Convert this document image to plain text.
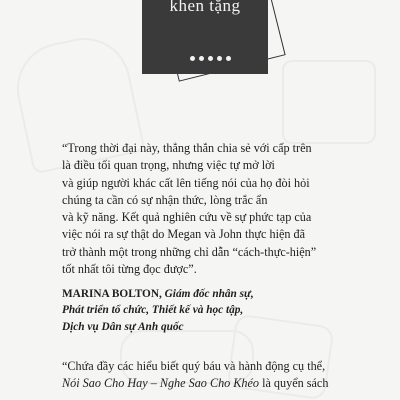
khen tặng

“Trong thời đại này, thẳng thắn chia sẻ với cấp trên

là điều tối quan trọng, nhưng việc tự mở lời

và giúp người khác cất lên tiếng nói của họ đòi hỏi

chúng ta cần có sự nhận thức, lòng trắc ẩn

và kỹ năng. Kết quả nghiên cứu về sự phức tạp của

việc nói ra sự thật do Megan và John thực hiện đã

trở thành một trong những chỉ dẫn “cách-thực-hiện”

tốt nhất tôi từng đọc được”.

MARINA BOLTON, Giám đốc nhân sự,

Phát triển tổ chức, Thiết kế và học tập,

Dịch vụ Dân sự Anh quốc

“Chứa đầy các hiểu biết quý báu và hành động cụ thể,

Nói Sao Cho Hay – Nghe Sao Cho Khéo là quyển sách
